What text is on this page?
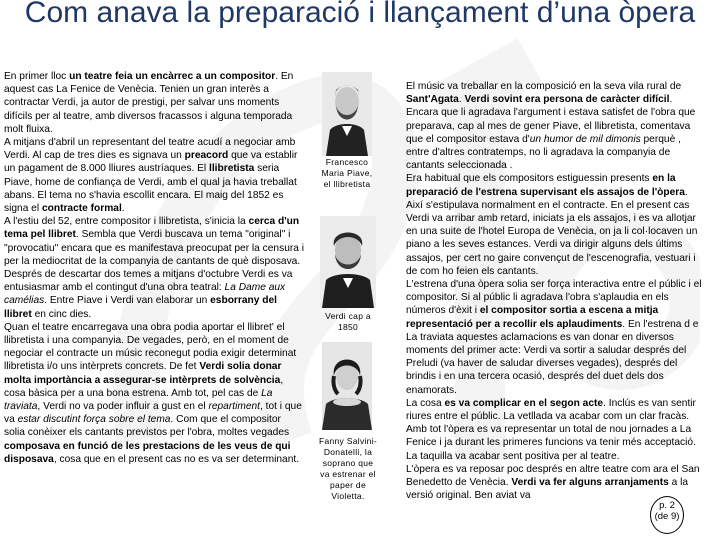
Com anava la preparació i llançament d’una òpera

En primer lloc un teatre feia un encàrrec a un compositor. En aquest cas La Fenice de Venècia. Tenien un gran interès a contractar Verdi, ja autor de prestigi, per salvar uns moments difícils per al teatre, amb diversos fracassos i alguna temporada molt fluixa.

A mitjans d'abril un representant del teatre acudí a negociar amb Verdi. Al cap de tres dies es signava un preacord que va establir un pagament de 8.000 lliures austríaques. El llibretista seria Piave, home de confiança de Verdi, amb el qual ja havia treballat abans. El tema no s'havia escollit encara. El maig del 1852 es signa el contracte formal.

A l'estiu del 52, entre compositor i llibretista, s'inicia la cerca d'un tema pel llibret. Sembla que Verdi buscava un tema "original" i "provocatiu" encara que es manifestava preocupat per la censura i per la mediocritat de la companyia de cantants de què disposava.

Després de descartar dos temes a mitjans d'octubre Verdi es va entusiasmar amb el contingut d'una obra teatral: La Dame aux camélias. Entre Piave i Verdi van elaborar un esborrany del llibret en cinc dies.

Quan el teatre encarregava una obra podia aportar el llibret' el llibretista i una companyia. De vegades, però, en el moment de negociar el contracte un músic reconegut podia exigir determinat llibretista i/o uns intèrprets concrets. De fet Verdi solia donar molta importància a assegurar-se intèrprets de solvència, cosa bàsica per a una bona estrena. Amb tot, pel cas de La traviata, Verdi no va poder influir a gust en el repartiment, tot i que va estar discutint força sobre el tema. Com que el compositor solia conèixer els cantants previstos per l'obra, moltes vegades composava en funció de les prestacions de les veus de qui disposava, cosa que en el present cas no es va ser determinant.

El músic va treballar en la composició en la seva vila rural de Sant'Agata. Verdi sovint era persona de caràcter difícil. Encara que li agradava l'argument i estava satisfet de l'obra que preparava, cap al mes de gener Piave, el llibretista, comentava que el compositor estava d'un humor de mil dimonis perquè , entre d'altres contratemps, no li agradava la companyia de cantants seleccionada .

Era habitual que els compositors estiguessin presents en la preparació de l'estrena supervisant els assajos de l'òpera. Així s'estipulava normalment en el contracte. En el present cas Verdi va arribar amb retard, iniciats ja els assajos, i es va allotjar en una suite de l'hotel Europa de Venècia, on ja li col·locaven un piano a les seves estances. Verdi va dirigir alguns dels últims assajos, per cert no gaire convençut de l'escenografia, vestuari i de com ho feien els cantants.

L'estrena d'una òpera solia ser força interactiva entre el públic i el compositor. Si al públic li agradava l'obra s'aplaudia en els números d'èxit i el compositor sortia a escena a mitja representació per a recollir els aplaudiments. En l'estrena d e La traviata aquestes aclamacions es van donar en diversos moments del primer acte: Verdi va sortir a saludar després del Preludi (va haver de saludar diverses vegades), després del brindis i en una tercera ocasió, després del duet dels dos enamorats.

La cosa es va complicar en el segon acte. Inclús es van sentir riures entre el públic. La vetllada va acabar com un clar fracàs. Amb tot l'òpera es va representar un total de nou jornades a La Fenice i ja durant les primeres funcions va tenir més acceptació. La taquilla va acabar sent positiva per al teatre.

L'òpera es va reposar poc després en altre teatre com ara el San Benedetto de Venècia. Verdi va fer alguns arranjaments a la versió original. Ben aviat va

Francesco Maria Piave, el llibretista
Verdi cap a 1850
Fanny Salvini-Donatelli, la soprano que va estrenar el paper de Violetta.
p. 2 (de 9)
